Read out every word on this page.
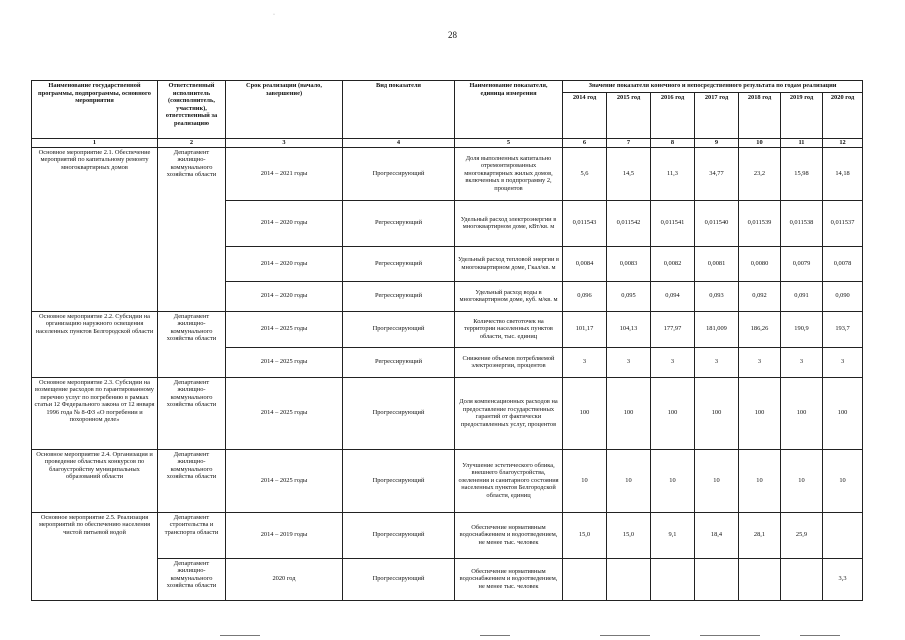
28
·
Наименование государственной программы, подпрограммы, основного мероприятия	Ответственный исполнитель (соисполнитель, участник), ответственный за реализацию	Срок реализации (начало, завершение)	Вид показателя	Наименование показателя, единица измерения	Значение показателя конечного и непосредственного результата по годам реализации						
					2014 год	2015 год	2016 год	2017 год	2018 год	2019 год	2020 год
1	2	3	4	5	6	7	8	9	10	11	12
Основное мероприятие 2.1. Обеспечение мероприятий по капитальному ремонту многоквартирных домов	Департамент жилищно-коммунального хозяйства области	2014 – 2021 годы	Прогрессирующий	Доля выполненных капитально отремонтированных многоквартирных жилых домов, включенных в подпрограмму 2, процентов	5,6	14,5	11,3	34,77	23,2	15,98	14,18
		2014 – 2020 годы	Регрессирующий	Удельный расход электроэнергии в многоквартирном доме, кВт/кв. м	0,011543	0,011542	0,011541	0,011540	0,011539	0,011538	0,011537
		2014 – 2020 годы	Регрессирующий	Удельный расход тепловой энергии в многоквартирном доме, Гкал/кв. м	0,0084	0,0083	0,0082	0,0081	0,0080	0,0079	0,0078
		2014 – 2020 годы	Регрессирующий	Удельный расход воды в многоквартирном доме, куб. м/кв. м	0,096	0,095	0,094	0,093	0,092	0,091	0,090
Основное мероприятие 2.2. Субсидии на организацию наружного освещения населенных пунктов Белгородской области	Департамент жилищно-коммунального хозяйства области	2014 – 2025 годы	Прогрессирующий	Количество светоточек на территории населенных пунктов области, тыс. единиц	101,17	104,13	177,97	181,009	186,26	190,9	193,7
		2014 – 2025 годы	Регрессирующий	Снижение объемов потребляемой электроэнергии, процентов	3	3	3	3	3	3	3
Основное мероприятие 2.3. Субсидии на возмещение расходов по гарантированному перечню услуг по погребению в рамках статьи 12 Федерального закона от 12 января 1996 года № 8-ФЗ «О погребении и похоронном деле»	Департамент жилищно-коммунального хозяйства области	2014 – 2025 годы	Прогрессирующий	Доля компенсационных расходов на предоставление государственных гарантий от фактически предоставленных услуг, процентов	100	100	100	100	100	100	100
Основное мероприятие 2.4. Организация и проведение областных конкурсов по благоустройству муниципальных образований области	Департамент жилищно-коммунального хозяйства области	2014 – 2025 годы	Прогрессирующий	Улучшение эстетического облика, внешнего благоустройства, озеленения и санитарного состояния населенных пунктов Белгородской области, единиц	10	10	10	10	10	10	10
Основное мероприятие 2.5. Реализация мероприятий по обеспечению населения чистой питьевой водой	Департамент строительства и транспорта области	2014 – 2019 годы	Прогрессирующий	Обеспечение нормативным водоснабжением и водоотведением, не менее тыс. человек	15,0	15,0	9,1	18,4	28,1	25,9	
	Департамент жилищно-коммунального хозяйства области	2020 год	Прогрессирующий	Обеспечение нормативным водоснабжением и водоотведением, не менее тыс. человек							3,3
